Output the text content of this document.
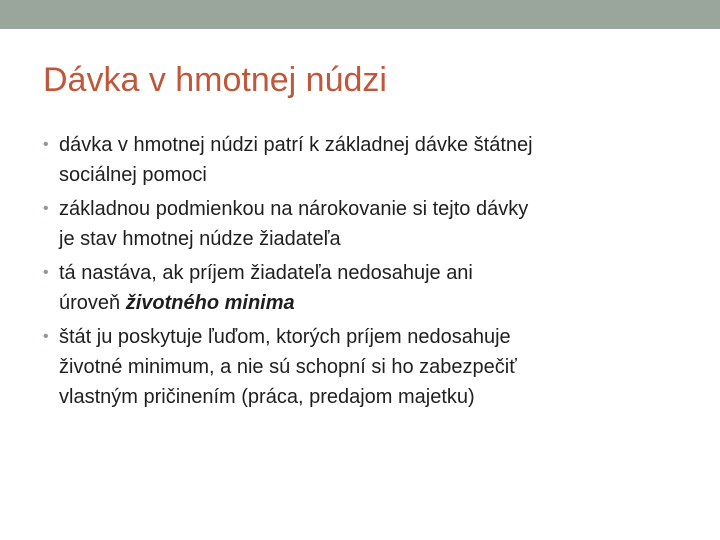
Dávka v hmotnej núdzi
• dávka v hmotnej núdzi patrí k základnej dávke štátnej
sociálnej pomoci
• základnou podmienkou na nárokovanie si tejto dávky
je stav hmotnej núdze žiadateľa
• tá nastáva, ak príjem žiadateľa nedosahuje ani
úroveň životného minima
• štát ju poskytuje ľuďom, ktorých príjem nedosahuje
životné minimum, a nie sú schopní si ho zabezpečiť
vlastným pričinením (práca, predajom majetku)
